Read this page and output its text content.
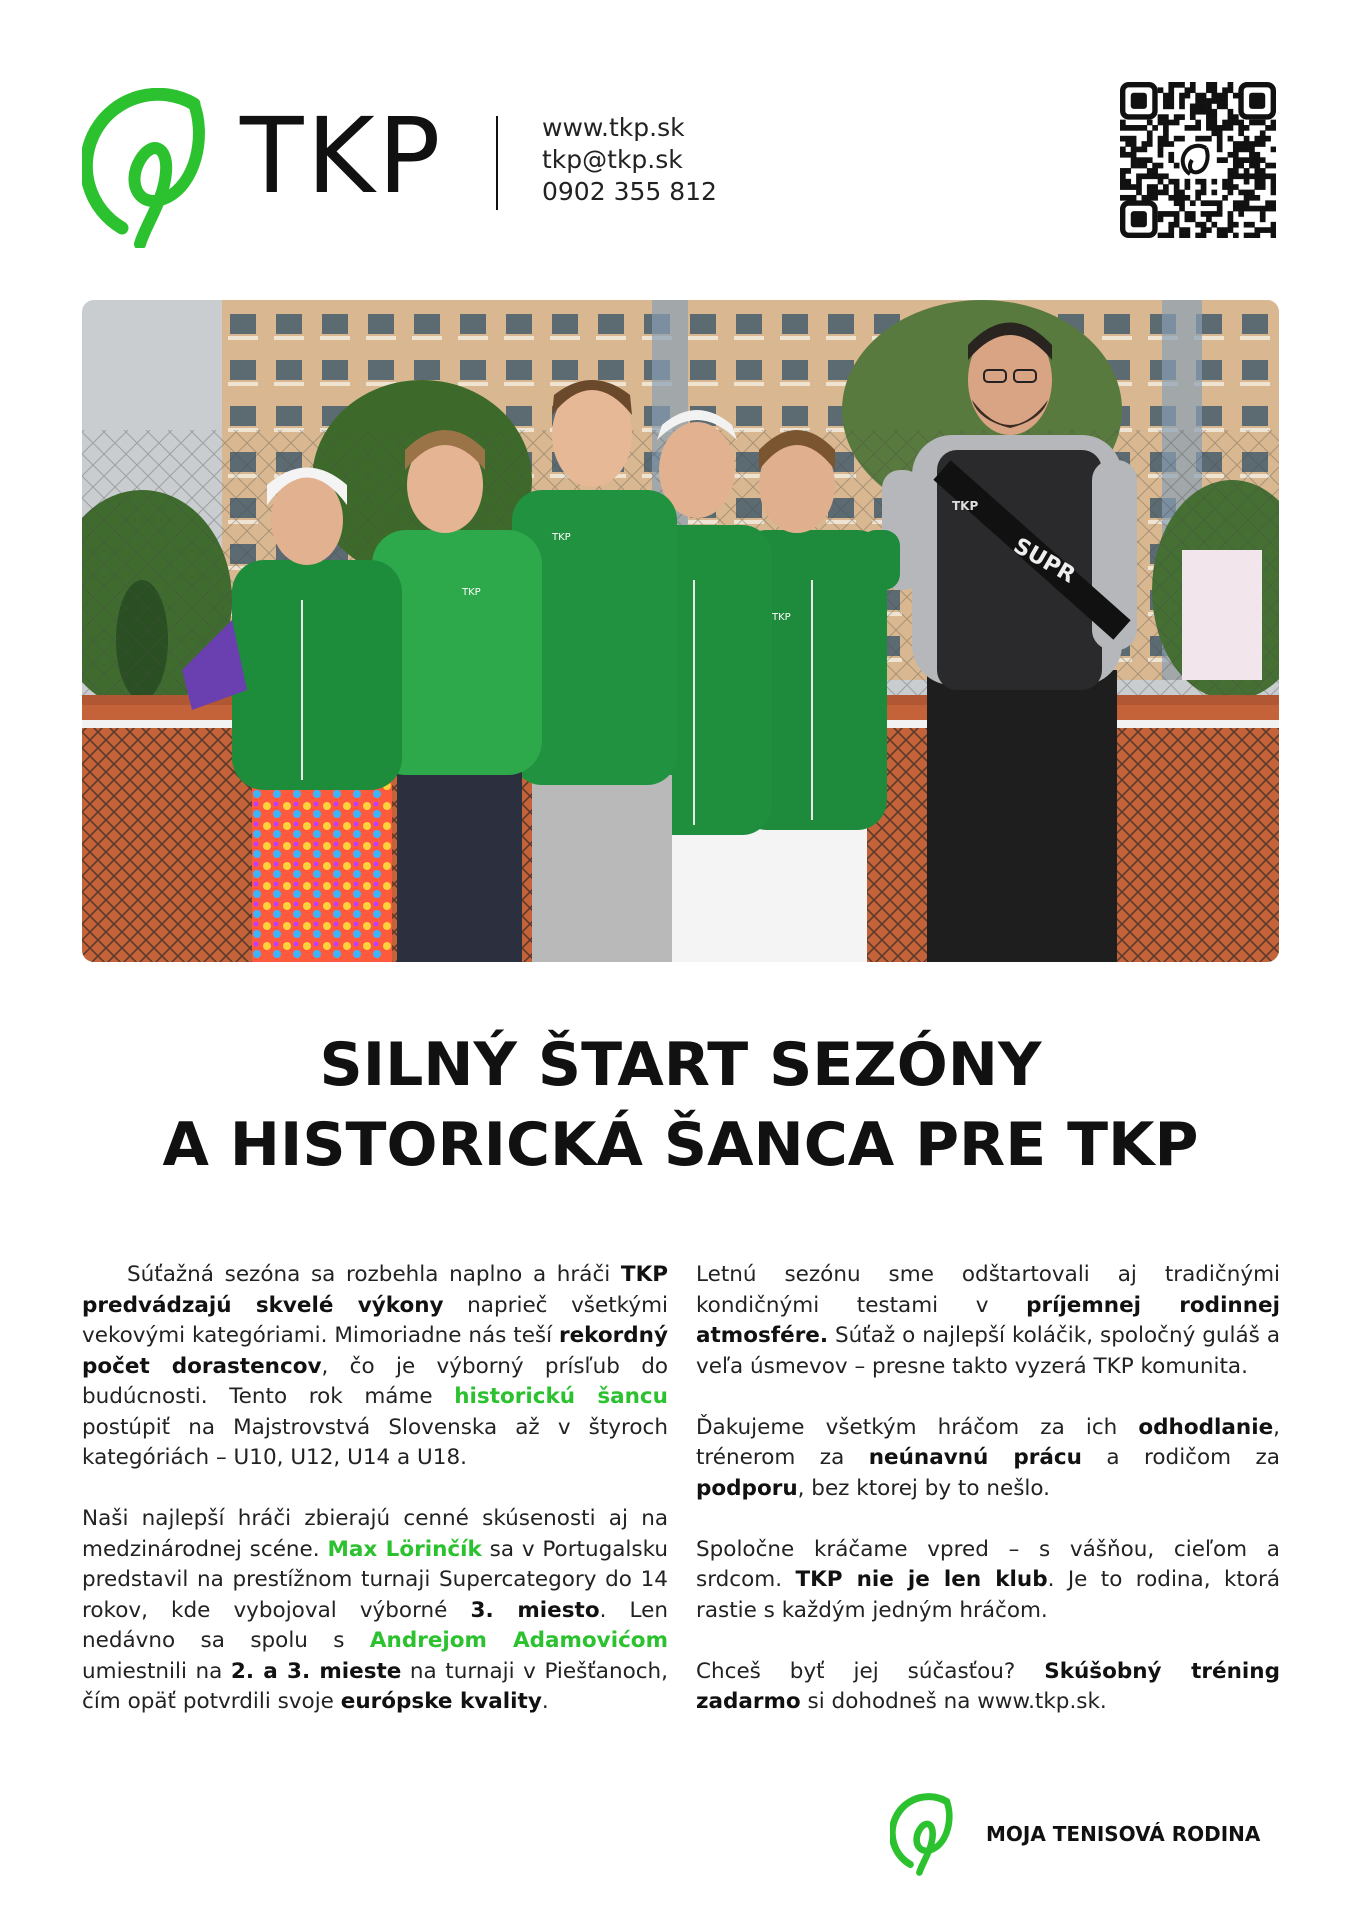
TKP	www.tkp.sk
tkp@tkp.sk
0902 355 812
SUPR
TKP
TKP
TKP
TKP
SILNÝ ŠTART SEZÓNY
A HISTORICKÁ ŠANCA PRE TKP

Súťažná sezóna sa rozbehla naplno a hráči TKP predvádzajú skvelé výkony naprieč všetkými vekovými kategóriami. Mimoriadne nás teší rekordný počet dorastencov, čo je výborný prísľub do budúcnosti. Tento rok máme historickú šancu postúpiť na Majstrovstvá Slovenska až v štyroch kategóriách – U10, U12, U14 a U18.

Naši najlepší hráči zbierajú cenné skúsenosti aj na medzinárodnej scéne. Max Lörinčík sa v Portugalsku predstavil na prestížnom turnaji Supercategory do 14 rokov, kde vybojoval výborné 3. miesto. Len nedávno sa spolu s Andrejom Adamovićom umiestnili na 2. a 3. mieste na turnaji v Piešťanoch, čím opäť potvrdili svoje európske kvality.

Letnú sezónu sme odštartovali aj tradičnými kondičnými testami v príjemnej rodinnej atmosfére. Súťaž o najlepší koláčik, spoločný guláš a veľa úsmevov – presne takto vyzerá TKP komunita.

Ďakujeme všetkým hráčom za ich odhodlanie, trénerom za neúnavnú prácu a rodičom za podporu, bez ktorej by to nešlo.

Spoločne kráčame vpred – s vášňou, cieľom a srdcom. TKP nie je len klub. Je to rodina, ktorá rastie s každým jedným hráčom.

Chceš byť jej súčasťou? Skúšobný tréning zadarmo si dohodneš na www.tkp.sk.

MOJA TENISOVÁ RODINA
